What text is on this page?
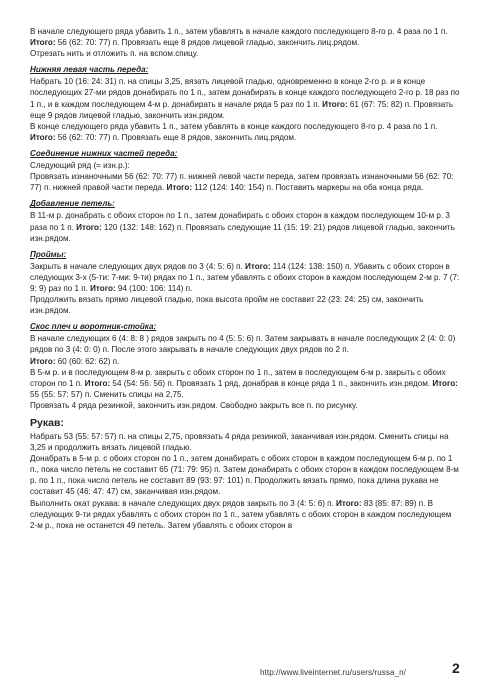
В начале следующего ряда убавить 1 п., затем убавлять в начале каждого последующего 8-го р. 4 раза по 1 п. Итого: 56 (62: 70: 77) п. Провязать еще 8 рядов лицевой гладью, закончить лиц.рядом.
Отрезать нить и отложить п. на вспом.спицу.
Нижняя левая часть переда:
Набрать 10 (16: 24: 31) п. на спицы 3,25, вязать лицевой гладью, одновременно в конце 2-го р. и в конце последующих 27-ми рядов донабирать по 1 п., затем донабирать в конце каждого последующего 2-го р. 18 раз по 1 п., и в каждом последующем 4-м р. донабирать в начале ряда 5 раз по 1 п. Итого: 61 (67: 75: 82) п. Провязать еще 9 рядов лицевой гладью, закончить изн.рядом.
В конце следующего ряда убавить 1 п., затем убавлять в конце каждого последующего 8-го р. 4 раза по 1 п. Итого: 56 (62: 70: 77) п. Провязать еще 8 рядов, закончить лиц.рядом.
Соединение нижних частей переда:
Следующий ряд (= изн.р.):
Провязать изнаночными 56 (62: 70: 77) п. нижней левой части переда, затем провязать изнаночными 56 (62: 70: 77) п. нижней правой части переда. Итого: 112 (124: 140: 154) п. Поставить маркеры на оба конца ряда.
Добавление петель:
В 11-м р. донабрать с обоих сторон по 1 п., затем донабирать с обоих сторон в каждом последующем 10-м р. 3 раза по 1 п. Итого: 120 (132: 148: 162) п. Провязать следующие 11 (15: 19: 21) рядов лицевой гладью, закончить изн.рядом.
Проймы:
Закрыть в начале следующих двух рядов по 3 (4: 5: 6) п. Итого: 114 (124: 138: 150) п. Убавить с обоих сторон в следующих 3-х (5-ти: 7-ми: 9-ти) рядах по 1 п., затем убавлять с обоих сторон в каждом последующем 2-м р. 7 (7: 9: 9) раз по 1 п. Итого: 94 (100: 106: 114) п.
Продолжить вязать прямо лицевой гладью, пока высота пройм не составит 22 (23: 24: 25) см, закончить изн.рядом.
Скос плеч и воротник-стойка:
В начале следующих 6 (4: 8: 8 ) рядов закрыть по 4 (5: 5: 6) п. Затем закрывать в начале последующих 2 (4: 0: 0) рядов по 3 (4: 0: 0) п. После этого закрывать в начале следующих двух рядов по 2 п.
Итого: 60 (60: 62: 62) п.
В 5-м р. и в последующем 8-м р. закрыть с обоих сторон по 1 п., затем в последующем 6-м р. закрыть с обоих сторон по 1 п. Итого: 54 (54: 56: 56) п. Провязать 1 ряд, донабрав в конце ряда 1 п., закончить изн.рядом. Итого: 55 (55: 57: 57) п. Сменить спицы на 2,75.
Провязать 4 ряда резинкой, закончить изн.рядом. Свободно закрыть все п. по рисунку.
Рукав:
Набрать 53 (55: 57: 57) п. на спицы 2,75, провязать 4 ряда резинкой, заканчивая изн.рядом. Сменить спицы на 3,25 и продолжить вязать лицевой гладью.
Донабрать в 5-м р. с обоих сторон по 1 п., затем донабирать с обоих сторон в каждом последующем 6-м р. по 1 п., пока число петель не составит 65 (71: 79: 95) п. Затем донабирать с обоих сторон в каждом последующем 8-м р. по 1 п., пока число петель не составит 89 (93: 97: 101) п. Продолжить вязать прямо, пока длина рукава не составит 45 (46: 47: 47) см, заканчивая изн.рядом.
Выполнить окат рукава: в начале следующих двух рядов закрыть по 3 (4: 5: 6) п. Итого: 83 (85: 87: 89) п. В следующих 9-ти рядах убавлять с обоих сторон по 1 п., затем убавлять с обоих сторон в каждом последующем 2-м р., пока не останется 49 петель. Затем убавлять с обоих сторон в
http://www.liveinternet.ru/users/russa_n/	2
